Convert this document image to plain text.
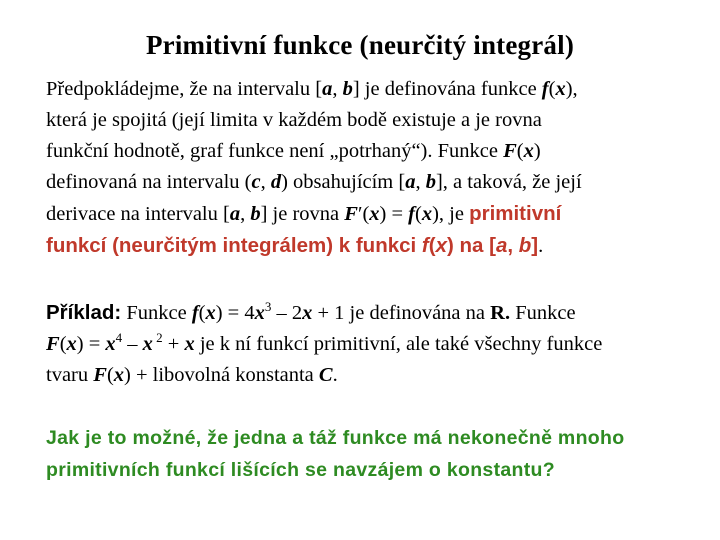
Primitivní funkce (neurčitý integrál)
Předpokládejme, že na intervalu [a, b] je definována funkce f(x),
která je spojitá (její limita v každém bodě existuje a je rovna
funkční hodnotě, graf funkce není „potrhaný“). Funkce F(x)
definovaná na intervalu (c, d) obsahujícím [a, b], a taková, že její
derivace na intervalu [a, b] je rovna F′(x) = f(x), je primitivní
funkcí (neurčitým integrálem) k funkci f(x) na [a, b].
Příklad: Funkce $f(x) = 4x^3 - 2x + 1$ je definována na R. Funkce
$F(x) = x^4 - x$ $^2$ + x je k ní funkcí primitivní, ale také všechny funkce
tvaru F(x) + libovolná konstanta C.
Jak je to možné, že jedna a táž funkce má nekonečně mnoho
primitivních funkcí lišících se navzájem o konstantu?
